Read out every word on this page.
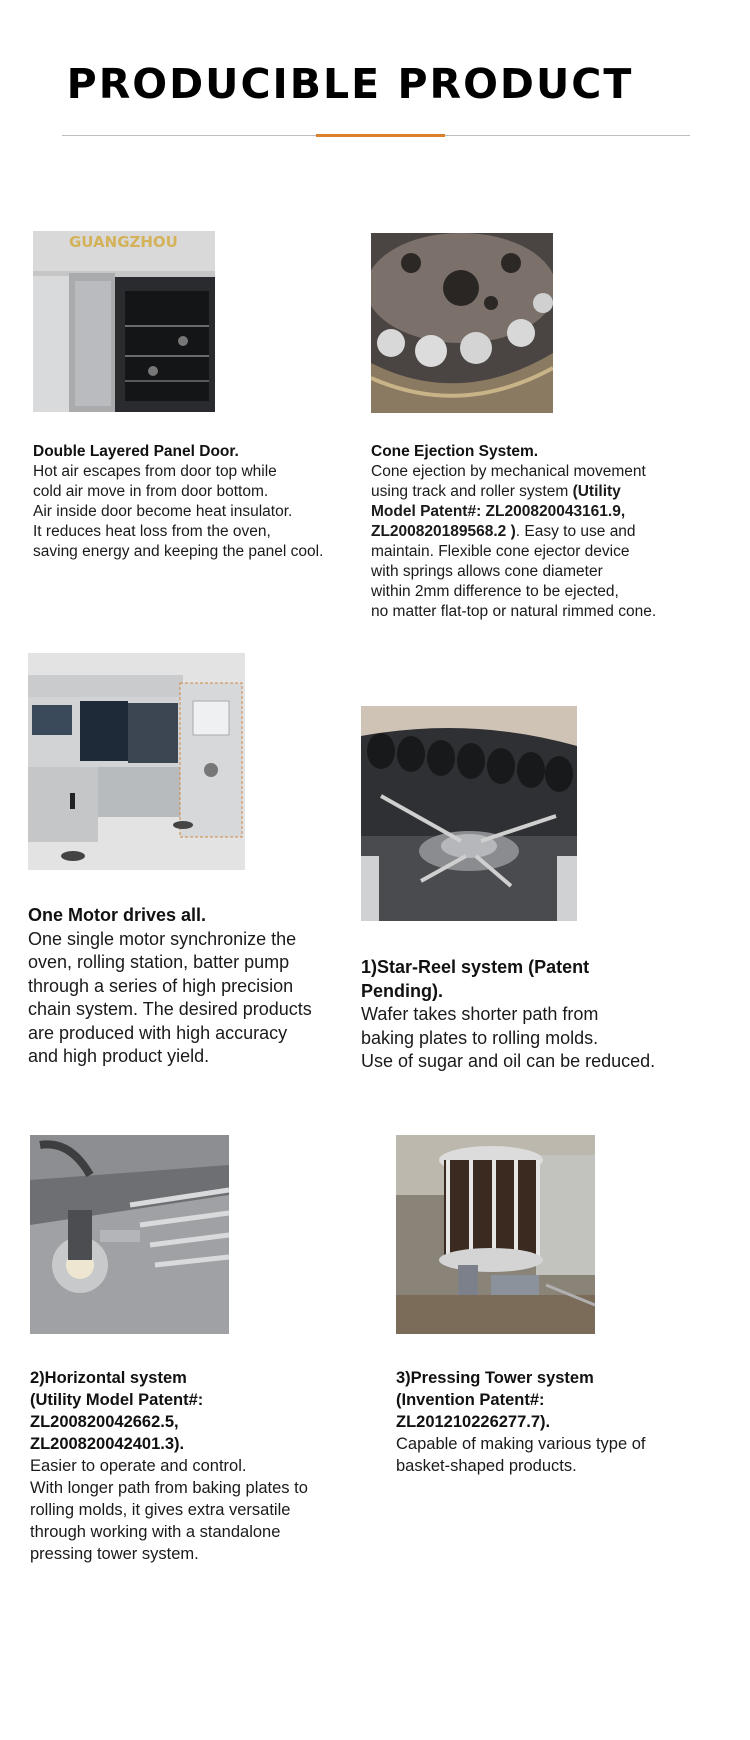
PRODUCIBLE PRODUCT
GUANGZHOU

Double Layered Panel Door.

Hot air escapes from door top while

cold air move in from door bottom.

Air inside door become heat insulator.

It reduces heat loss from the oven,

saving energy and keeping the panel cool.

Cone Ejection System.

Cone ejection by mechanical movement

using track and roller system (Utility

Model Patent#: ZL200820043161.9,

ZL200820189568.2 ). Easy to use and

maintain. Flexible cone ejector device

with springs allows cone diameter

within 2mm difference to be ejected,

no matter flat-top or natural rimmed cone.

One Motor drives all.

One single motor synchronize the

oven, rolling station, batter pump

through a series of high precision

chain system. The desired products

are produced with high accuracy

and high product yield.

1)Star-Reel system (Patent

Pending).

Wafer takes shorter path from

baking plates to rolling molds.

Use of sugar and oil can be reduced.

2)Horizontal system

(Utility Model Patent#:

ZL200820042662.5,

ZL200820042401.3).

Easier to operate and control.

With longer path from baking plates to

rolling molds, it gives extra versatile

through working with a standalone

pressing tower system.

3)Pressing Tower system

(Invention Patent#:

ZL201210226277.7).

Capable of making various type of

basket-shaped products.
